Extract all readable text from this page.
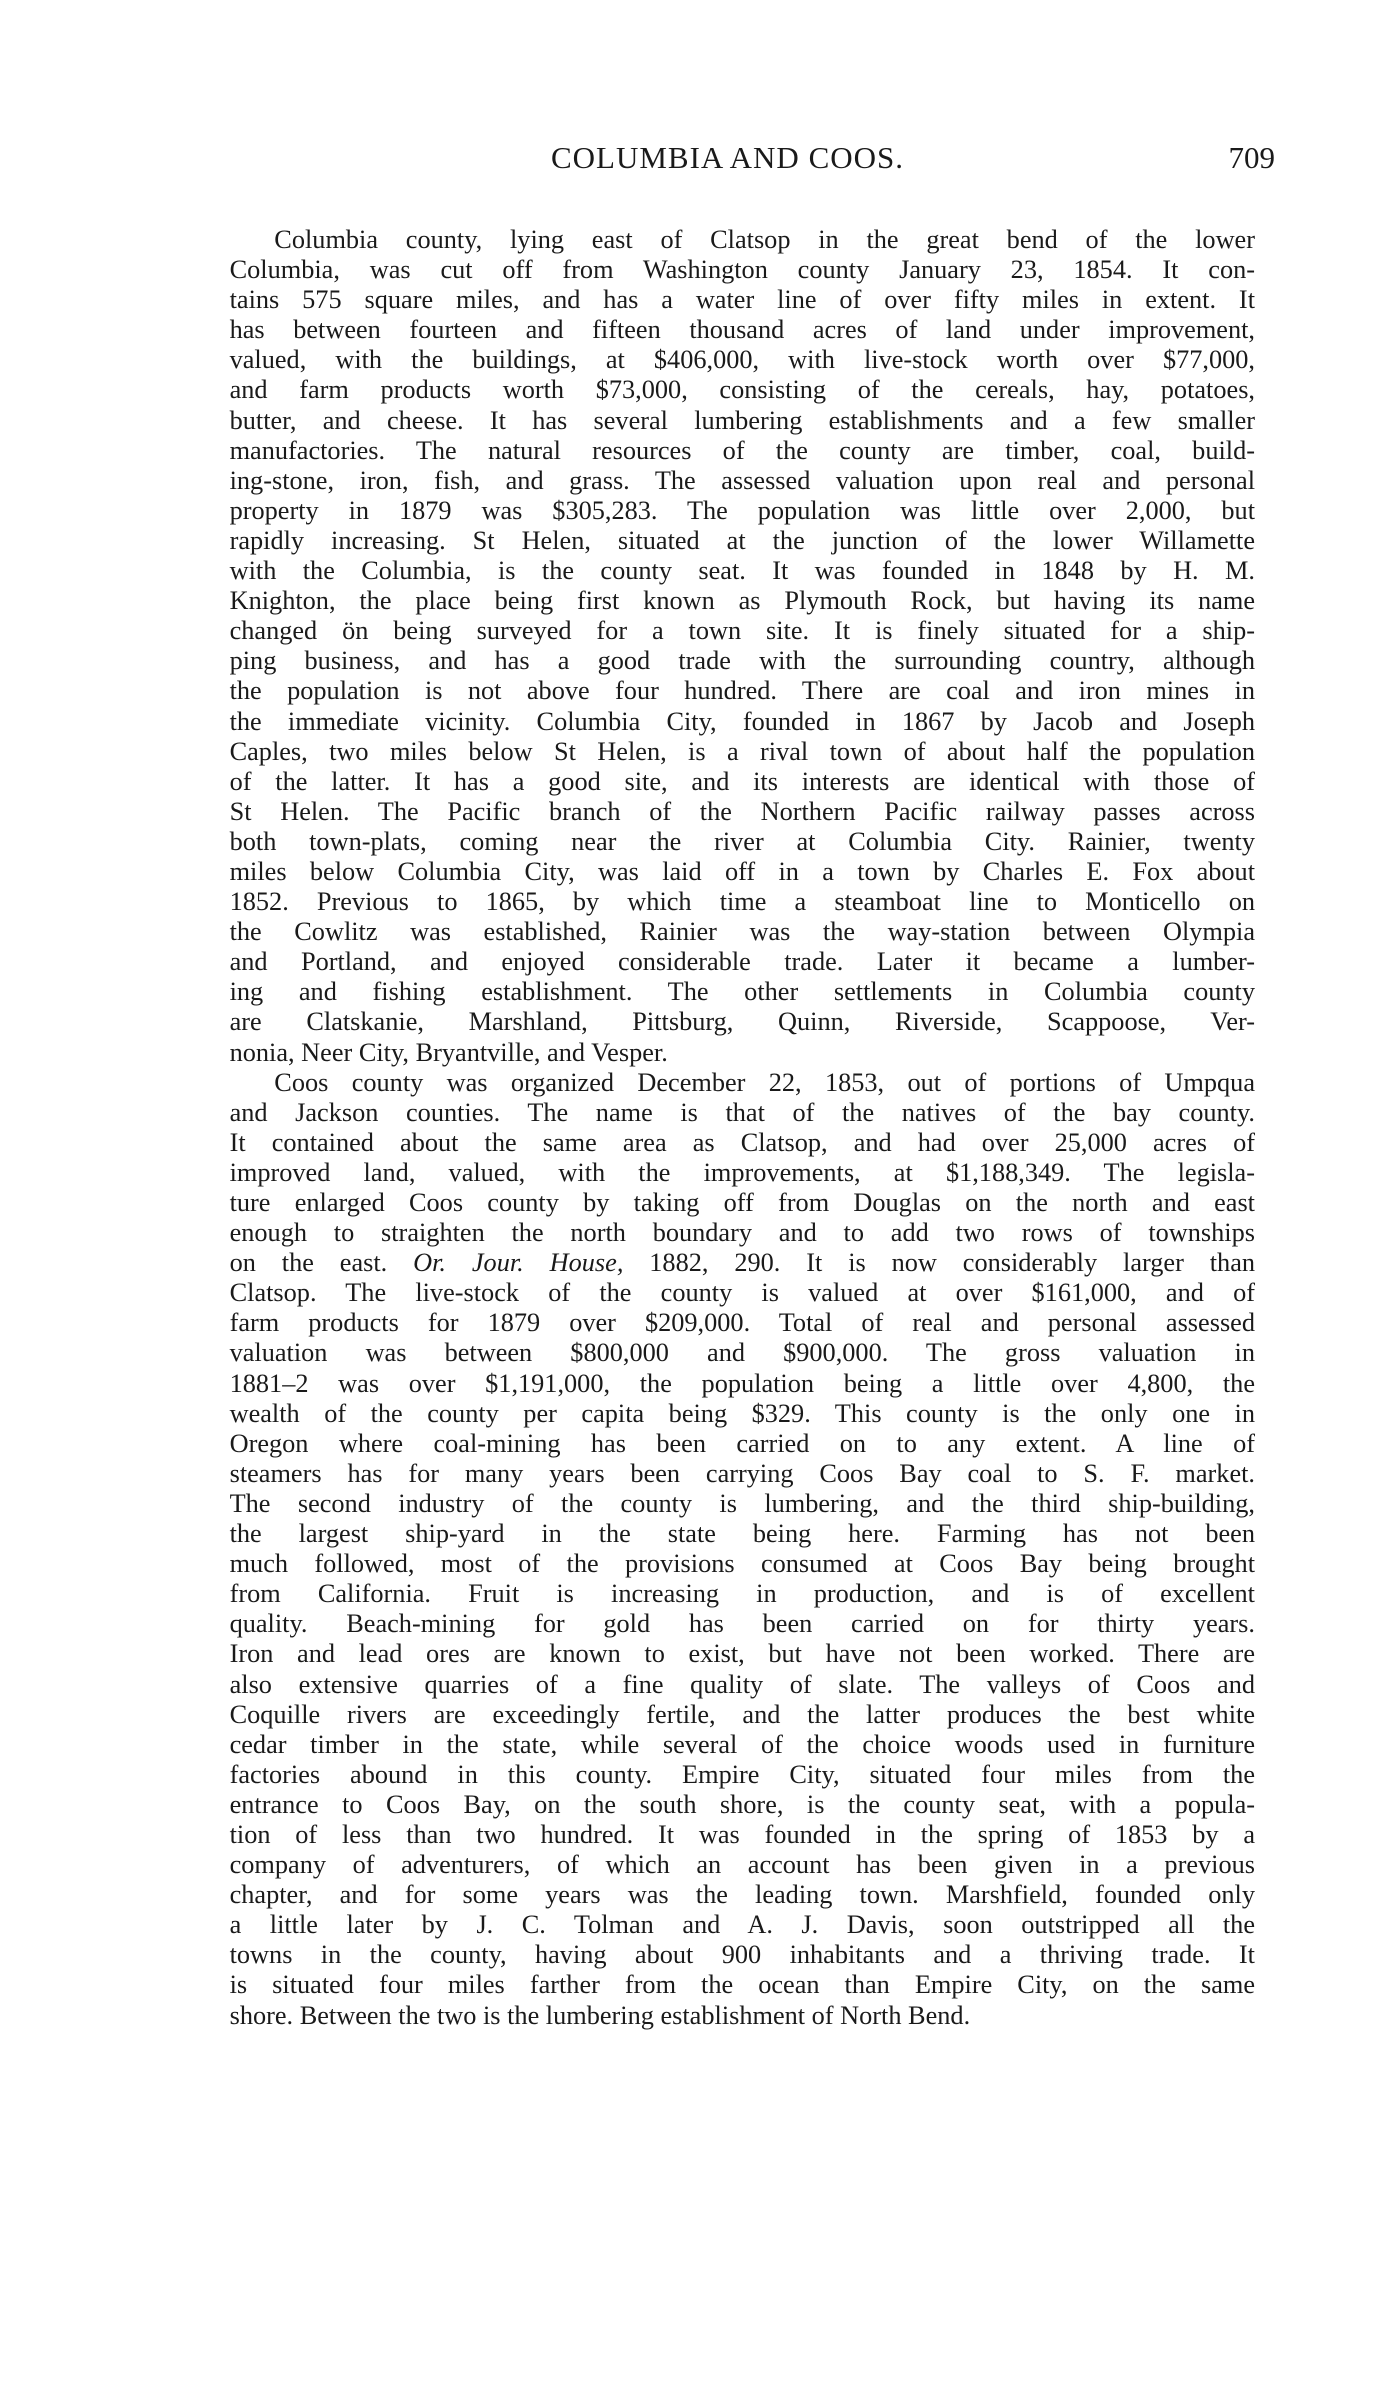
COLUMBIA AND COOS.	709
Columbia county, lying east of Clatsop in the great bend of the lower
Columbia, was cut off from Washington county January 23, 1854. It con-
tains 575 square miles, and has a water line of over fifty miles in extent. It
has between fourteen and fifteen thousand acres of land under improvement,
valued, with the buildings, at $406,000, with live-stock worth over $77,000,
and farm products worth $73,000, consisting of the cereals, hay, potatoes,
butter, and cheese. It has several lumbering establishments and a few smaller
manufactories. The natural resources of the county are timber, coal, build-
ing-stone, iron, fish, and grass. The assessed valuation upon real and personal
property in 1879 was $305,283. The population was little over 2,000, but
rapidly increasing. St Helen, situated at the junction of the lower Willamette
with the Columbia, is the county seat. It was founded in 1848 by H. M.
Knighton, the place being first known as Plymouth Rock, but having its name
changed ön being surveyed for a town site. It is finely situated for a ship-
ping business, and has a good trade with the surrounding country, although
the population is not above four hundred. There are coal and iron mines in
the immediate vicinity. Columbia City, founded in 1867 by Jacob and Joseph
Caples, two miles below St Helen, is a rival town of about half the population
of the latter. It has a good site, and its interests are identical with those of
St Helen. The Pacific branch of the Northern Pacific railway passes across
both town-plats, coming near the river at Columbia City. Rainier, twenty
miles below Columbia City, was laid off in a town by Charles E. Fox about
1852. Previous to 1865, by which time a steamboat line to Monticello on
the Cowlitz was established, Rainier was the way-station between Olympia
and Portland, and enjoyed considerable trade. Later it became a lumber-
ing and fishing establishment. The other settlements in Columbia county
are Clatskanie, Marshland, Pittsburg, Quinn, Riverside, Scappoose, Ver-
nonia, Neer City, Bryantville, and Vesper.
Coos county was organized December 22, 1853, out of portions of Umpqua
and Jackson counties. The name is that of the natives of the bay county.
It contained about the same area as Clatsop, and had over 25,000 acres of
improved land, valued, with the improvements, at $1,188,349. The legisla-
ture enlarged Coos county by taking off from Douglas on the north and east
enough to straighten the north boundary and to add two rows of townships
on the east. Or. Jour. House, 1882, 290. It is now considerably larger than
Clatsop. The live-stock of the county is valued at over $161,000, and of
farm products for 1879 over $209,000. Total of real and personal assessed
valuation was between $800,000 and $900,000. The gross valuation in
1881–2 was over $1,191,000, the population being a little over 4,800, the
wealth of the county per capita being $329. This county is the only one in
Oregon where coal-mining has been carried on to any extent. A line of
steamers has for many years been carrying Coos Bay coal to S. F. market.
The second industry of the county is lumbering, and the third ship-building,
the largest ship-yard in the state being here. Farming has not been
much followed, most of the provisions consumed at Coos Bay being brought
from California. Fruit is increasing in production, and is of excellent
quality. Beach-mining for gold has been carried on for thirty years.
Iron and lead ores are known to exist, but have not been worked. There are
also extensive quarries of a fine quality of slate. The valleys of Coos and
Coquille rivers are exceedingly fertile, and the latter produces the best white
cedar timber in the state, while several of the choice woods used in furniture
factories abound in this county. Empire City, situated four miles from the
entrance to Coos Bay, on the south shore, is the county seat, with a popula-
tion of less than two hundred. It was founded in the spring of 1853 by a
company of adventurers, of which an account has been given in a previous
chapter, and for some years was the leading town. Marshfield, founded only
a little later by J. C. Tolman and A. J. Davis, soon outstripped all the
towns in the county, having about 900 inhabitants and a thriving trade. It
is situated four miles farther from the ocean than Empire City, on the same
shore. Between the two is the lumbering establishment of North Bend.
